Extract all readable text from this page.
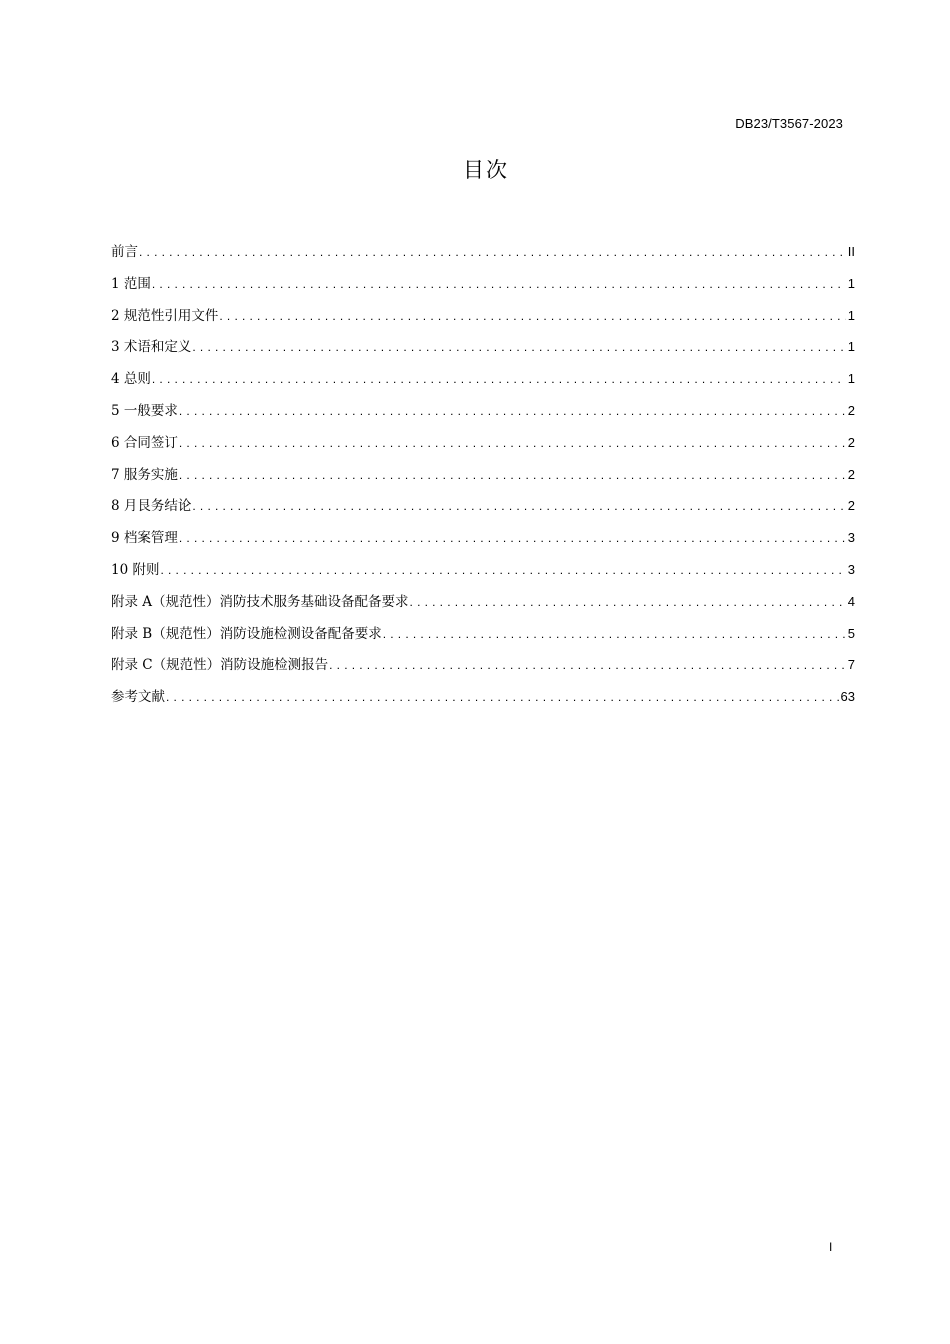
DB23/T3567-2023
目次
前言 .....	II
1 范围 .....	1
2 规范性引用文件 .....	1
3 术语和定义 .....	1
4 总则 .....	1
5 一般要求 .....	2
6 合同签订 .....	2
7 服务实施 .....	2
8 月艮务结论 .....	2
9 档案管理 .....	3
10 附则 .....	3
附录 A（规范性）消防技术服务基础设备配备要求 .....	4
附录 B（规范性）消防设施检测设备配备要求 .....	5
附录 C（规范性）消防设施检测报告 .....	7
参考文献 .....	63
I
